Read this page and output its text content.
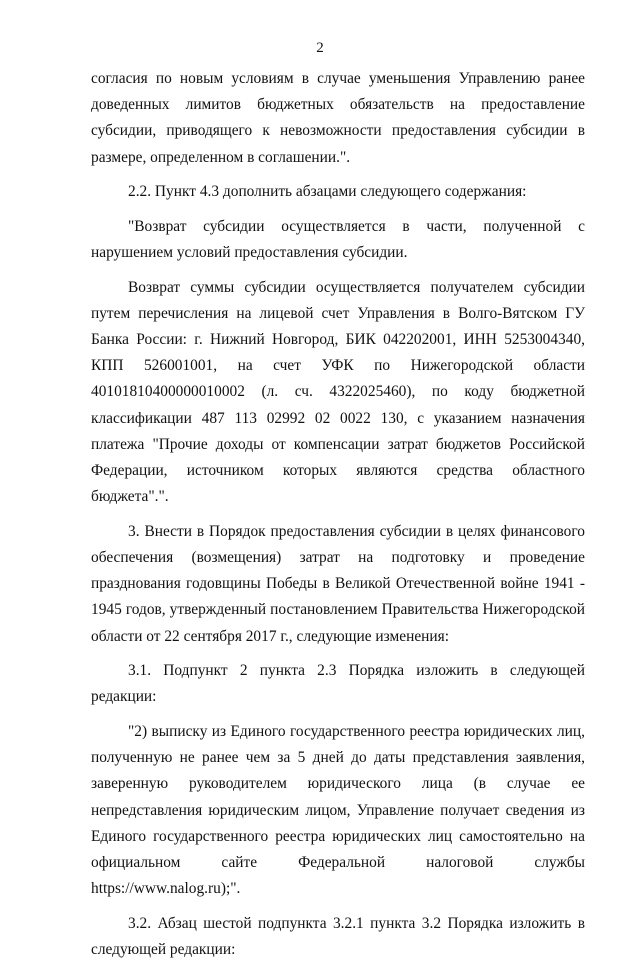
2

согласия по новым условиям в случае уменьшения Управлению ранее доведенных лимитов бюджетных обязательств на предоставление субсидии, приводящего к невозможности предоставления субсидии в размере, определенном в соглашении.".

2.2. Пункт 4.3 дополнить абзацами следующего содержания:

"Возврат субсидии осуществляется в части, полученной с нарушением условий предоставления субсидии.

Возврат суммы субсидии осуществляется получателем субсидии путем перечисления на лицевой счет Управления в Волго-Вятском ГУ Банка России: г. Нижний Новгород, БИК 042202001, ИНН 5253004340, КПП 526001001, на счет УФК по Нижегородской области 40101810400000010002 (л. сч. 4322025460), по коду бюджетной классификации 487 113 02992 02 0022 130, с указанием назначения платежа "Прочие доходы от компенсации затрат бюджетов Российской Федерации, источником которых являются средства областного бюджета".".

3. Внести в Порядок предоставления субсидии в целях финансового обеспечения (возмещения) затрат на подготовку и проведение празднования годовщины Победы в Великой Отечественной войне 1941 - 1945 годов, утвержденный постановлением Правительства Нижегородской области от 22 сентября 2017 г., следующие изменения:

3.1. Подпункт 2 пункта 2.3 Порядка изложить в следующей редакции:

"2) выписку из Единого государственного реестра юридических лиц, полученную не ранее чем за 5 дней до даты представления заявления, заверенную руководителем юридического лица (в случае ее непредставления юридическим лицом, Управление получает сведения из Единого государственного реестра юридических лиц самостоятельно на официальном сайте Федеральной налоговой службы https://www.nalog.ru);".

3.2. Абзац шестой подпункта 3.2.1 пункта 3.2 Порядка изложить в следующей редакции:
